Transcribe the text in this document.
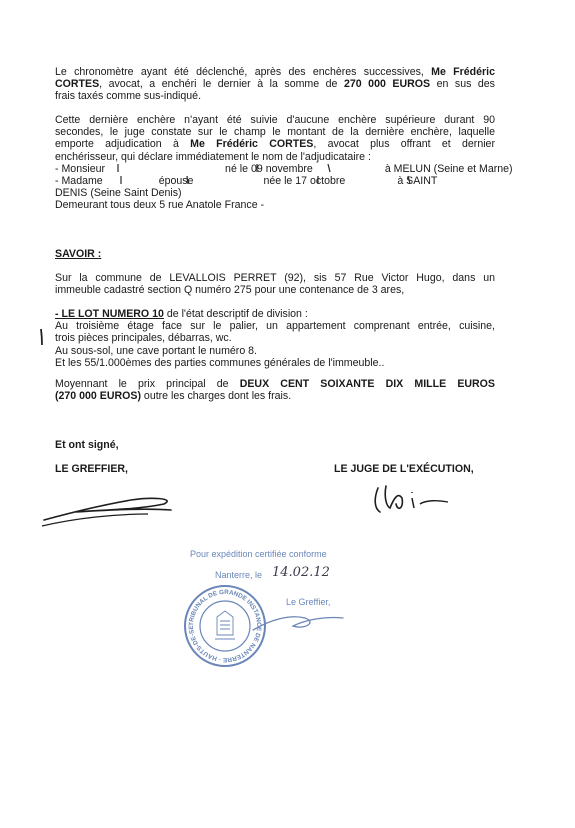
Le chronomètre ayant été déclenché, après des enchères successives, Me Frédéric
CORTES, avocat, a enchéri le dernier à la somme de 270 000 EUROS en sus des
frais taxés comme sus-indiqué.
Cette dernière enchère n'ayant été suivie d'aucune enchère supérieure durant 90
secondes, le juge constate sur le champ le montant de la dernière enchère, laquelle
emporte adjudication à Me Frédéric CORTES, avocat plus offrant et dernier
enchérisseur, qui déclare immédiatement le nom de l'adjudicataire :
- Monsieur	né le 09 novembre	à MELUN (Seine et Marne)
- Madame	épouse	née le 17 octobre	à SAINT
DENIS (Seine Saint Denis)
Demeurant tous deux 5 rue Anatole France -
SAVOIR :
Sur la commune de LEVALLOIS PERRET (92), sis 57 Rue Victor Hugo, dans un
immeuble cadastré section Q numéro 275 pour une contenance de 3 ares,
- LE LOT NUMERO 10 de l'état descriptif de division :
Au troisième étage face sur le palier, un appartement comprenant entrée, cuisine,
trois pièces principales, débarras, wc.
Au sous-sol, une cave portant le numéro 8.
Et les 55/1.000èmes des parties communes générales de l'immeuble..
Moyennant le prix principal de DEUX CENT SOIXANTE DIX MILLE EUROS
(270 000 EUROS) outre les charges dont les frais.
Et ont signé,
LE GREFFIER,	LE JUGE DE L'EXÉCUTION,
Pour expédition certifiée conforme
Nanterre, le 14.02.12
Le Greffier,
TRIBUNAL DE GRANDE INSTANCE DE NANTERRE · HAUTS-DE-SEINE
